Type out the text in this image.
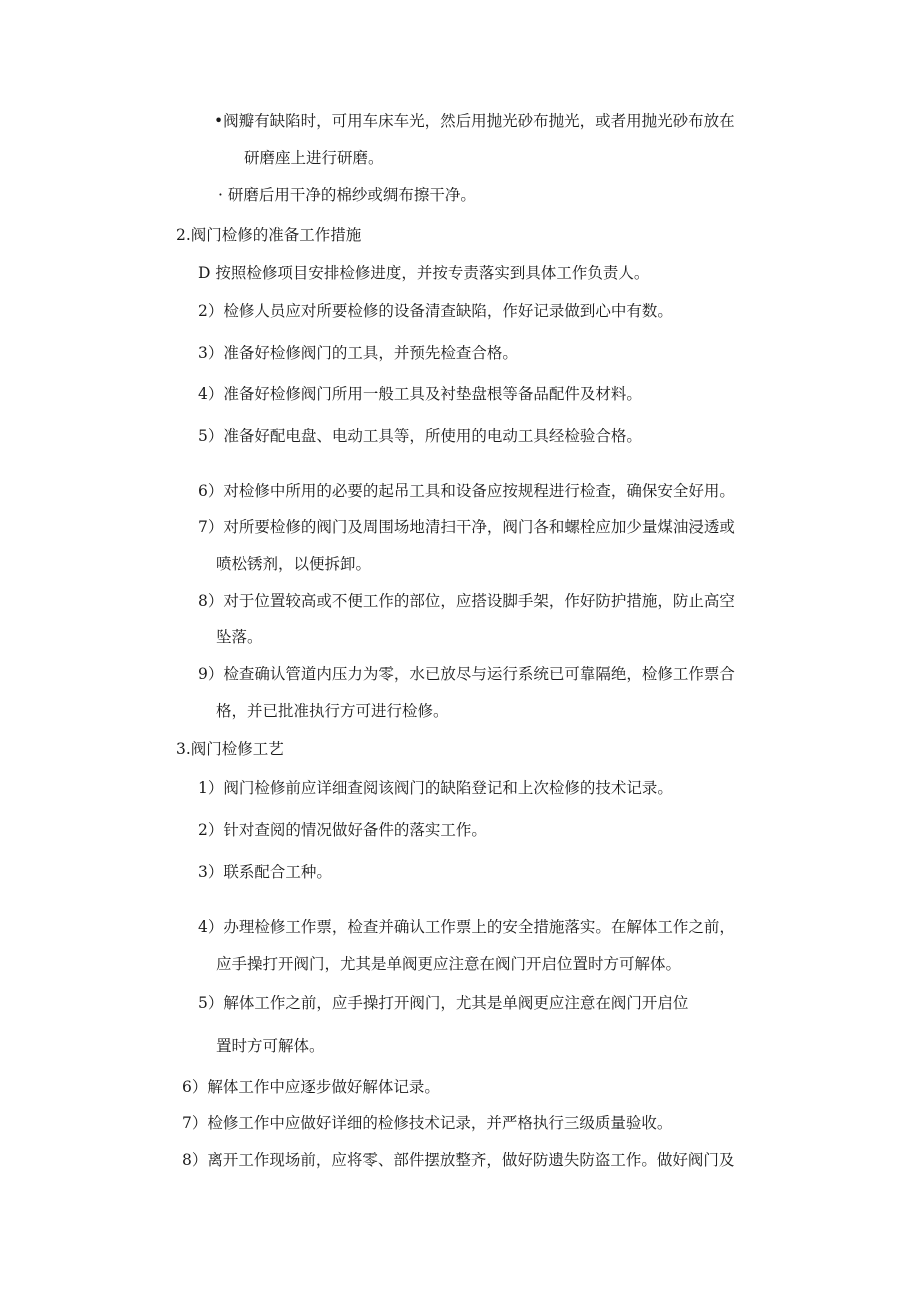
•阀瓣有缺陷时，可用车床车光，然后用抛光砂布抛光，或者用抛光砂布放在
研磨座上进行研磨。
· 研磨后用干净的棉纱或绸布擦干净。
2.阀门检修的准备工作措施
D 按照检修项目安排检修进度，并按专责落实到具体工作负责人。
2）检修人员应对所要检修的设备清查缺陷，作好记录做到心中有数。
3）准备好检修阀门的工具，并预先检查合格。
4）准备好检修阀门所用一般工具及衬垫盘根等备品配件及材料。
5）准备好配电盘、电动工具等，所使用的电动工具经检验合格。
6）对检修中所用的必要的起吊工具和设备应按规程进行检查，确保安全好用。
7）对所要检修的阀门及周围场地清扫干净，阀门各和螺栓应加少量煤油浸透或
喷松锈剂，以便拆卸。
8）对于位置较高或不便工作的部位，应搭设脚手架，作好防护措施，防止高空
坠落。
9）检查确认管道内压力为零，水已放尽与运行系统已可靠隔绝，检修工作票合
格，并已批准执行方可进行检修。
3.阀门检修工艺
1）阀门检修前应详细查阅该阀门的缺陷登记和上次检修的技术记录。
2）针对查阅的情况做好备件的落实工作。
3）联系配合工种。
4）办理检修工作票，检查并确认工作票上的安全措施落实。在解体工作之前，
应手操打开阀门，尤其是单阀更应注意在阀门开启位置时方可解体。
5）解体工作之前，应手操打开阀门，尤其是单阀更应注意在阀门开启位
置时方可解体。
6）解体工作中应逐步做好解体记录。
7）检修工作中应做好详细的检修技术记录，并严格执行三级质量验收。
8）离开工作现场前，应将零、部件摆放整齐，做好防遗失防盗工作。做好阀门及
